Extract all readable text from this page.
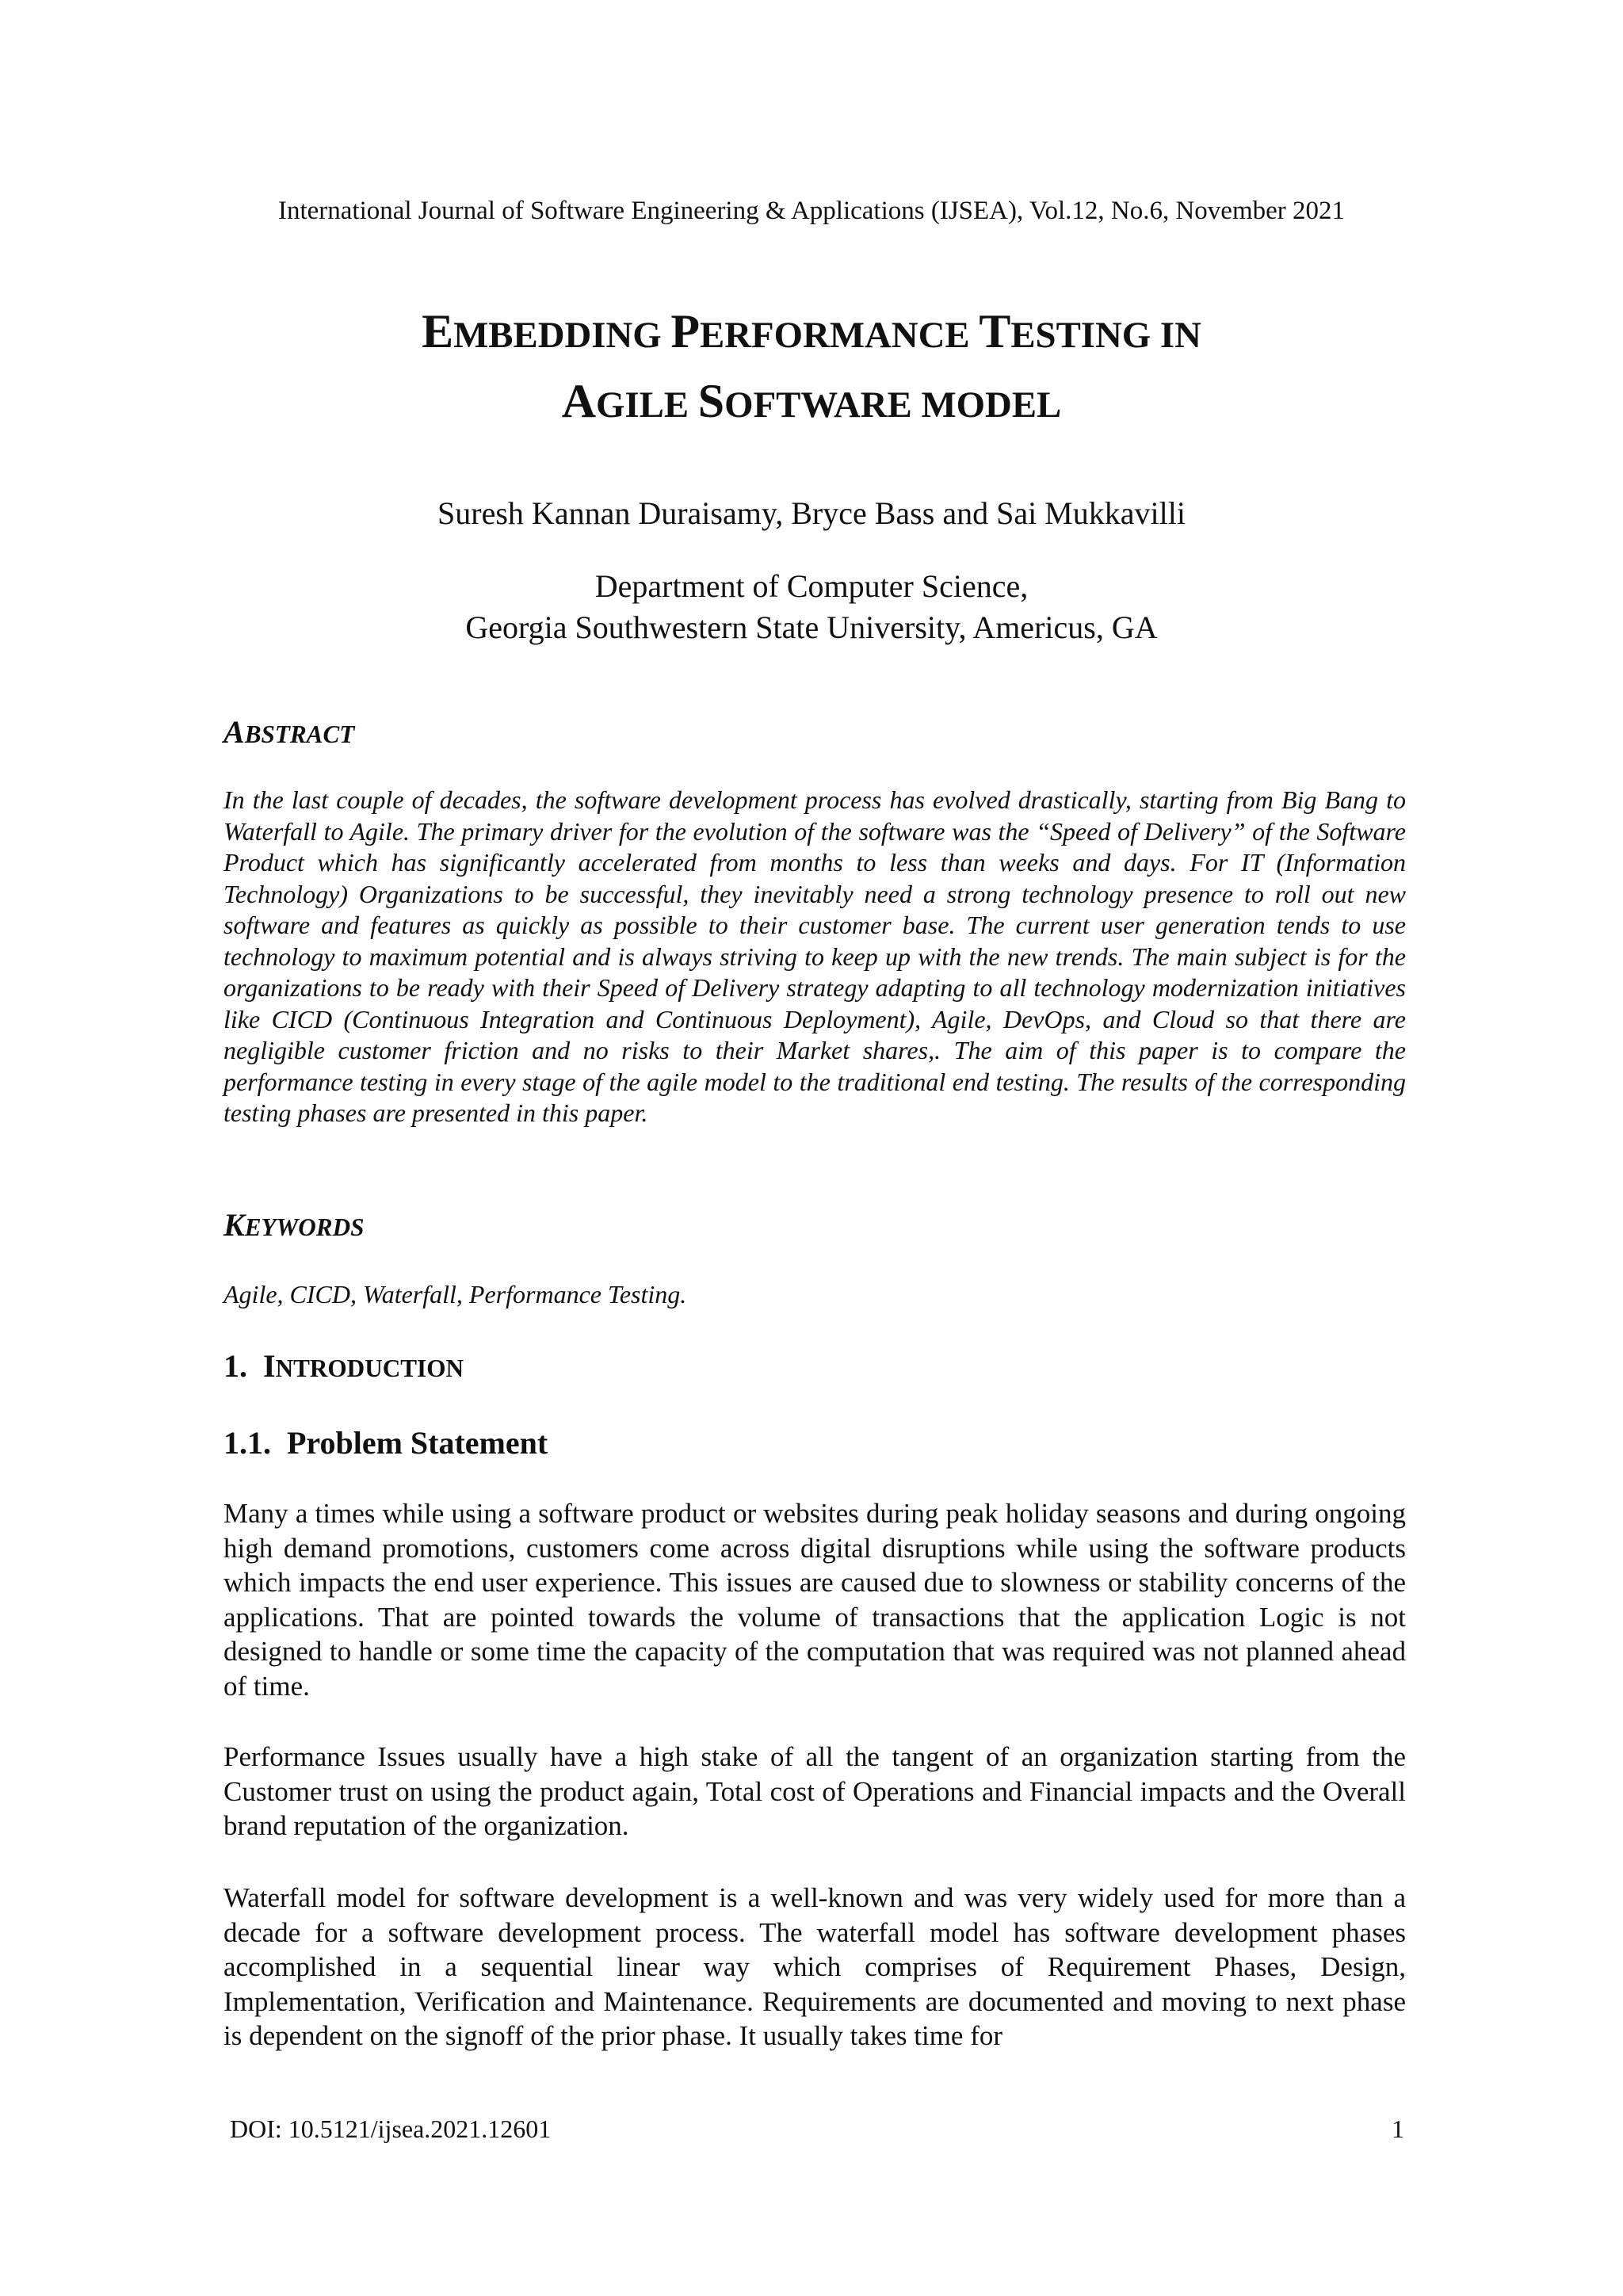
International Journal of Software Engineering & Applications (IJSEA), Vol.12, No.6, November 2021
EMBEDDING PERFORMANCE TESTING IN
AGILE SOFTWARE MODEL
Suresh Kannan Duraisamy, Bryce Bass and Sai Mukkavilli
Department of Computer Science,
Georgia Southwestern State University, Americus, GA
ABSTRACT

In the last couple of decades, the software development process has evolved drastically, starting from Big Bang to Waterfall to Agile. The primary driver for the evolution of the software was the “Speed of Delivery” of the Software Product which has significantly accelerated from months to less than weeks and days. For IT (Information Technology) Organizations to be successful, they inevitably need a strong technology presence to roll out new software and features as quickly as possible to their customer base. The current user generation tends to use technology to maximum potential and is always striving to keep up with the new trends. The main subject is for the organizations to be ready with their Speed of Delivery strategy adapting to all technology modernization initiatives like CICD (Continuous Integration and Continuous Deployment), Agile, DevOps, and Cloud so that there are negligible customer friction and no risks to their Market shares,. The aim of this paper is to compare the performance testing in every stage of the agile model to the traditional end testing. The results of the corresponding testing phases are presented in this paper.

KEYWORDS

Agile, CICD, Waterfall, Performance Testing.

1. INTRODUCTION
1.1. Problem Statement

Many a times while using a software product or websites during peak holiday seasons and during ongoing high demand promotions, customers come across digital disruptions while using the software products which impacts the end user experience. This issues are caused due to slowness or stability concerns of the applications. That are pointed towards the volume of transactions that the application Logic is not designed to handle or some time the capacity of the computation that was required was not planned ahead of time.

Performance Issues usually have a high stake of all the tangent of an organization starting from the Customer trust on using the product again, Total cost of Operations and Financial impacts and the Overall brand reputation of the organization.

Waterfall model for software development is a well-known and was very widely used for more than a decade for a software development process. The waterfall model has software development phases accomplished in a sequential linear way which comprises of Requirement Phases, Design, Implementation, Verification and Maintenance. Requirements are documented and moving to next phase is dependent on the signoff of the prior phase. It usually takes time for

DOI: 10.5121/ijsea.2021.12601	1
